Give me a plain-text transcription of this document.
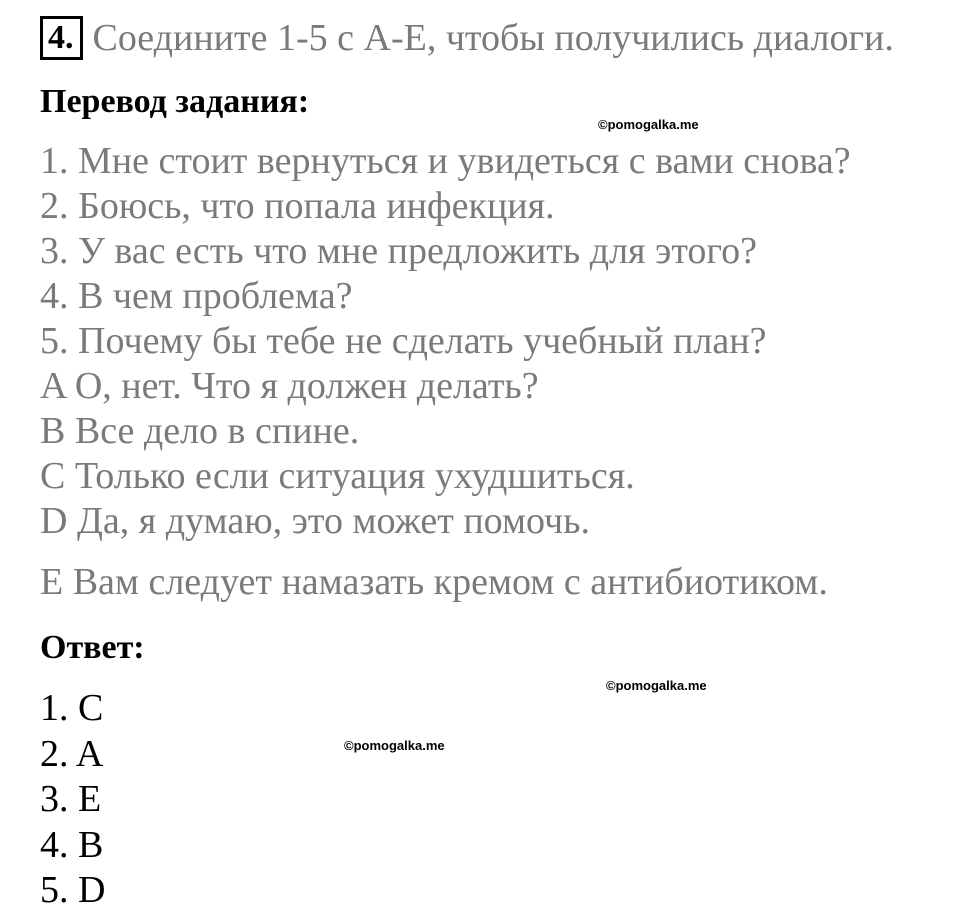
4. Соедините 1-5 с A-E, чтобы получились диалоги.
Перевод задания:
©pomogalka.me
1. Мне стоит вернуться и увидеться с вами снова?
2. Боюсь, что попала инфекция.
3. У вас есть что мне предложить для этого?
4. В чем проблема?
5. Почему бы тебе не сделать учебный план?
A О, нет. Что я должен делать?
B Все дело в спине.
C Только если ситуация ухудшиться.
D Да, я думаю, это может помочь.
E Вам следует намазать кремом с антибиотиком.
Ответ:
©pomogalka.me
©pomogalka.me
1. C
2. A
3. E
4. B
5. D
